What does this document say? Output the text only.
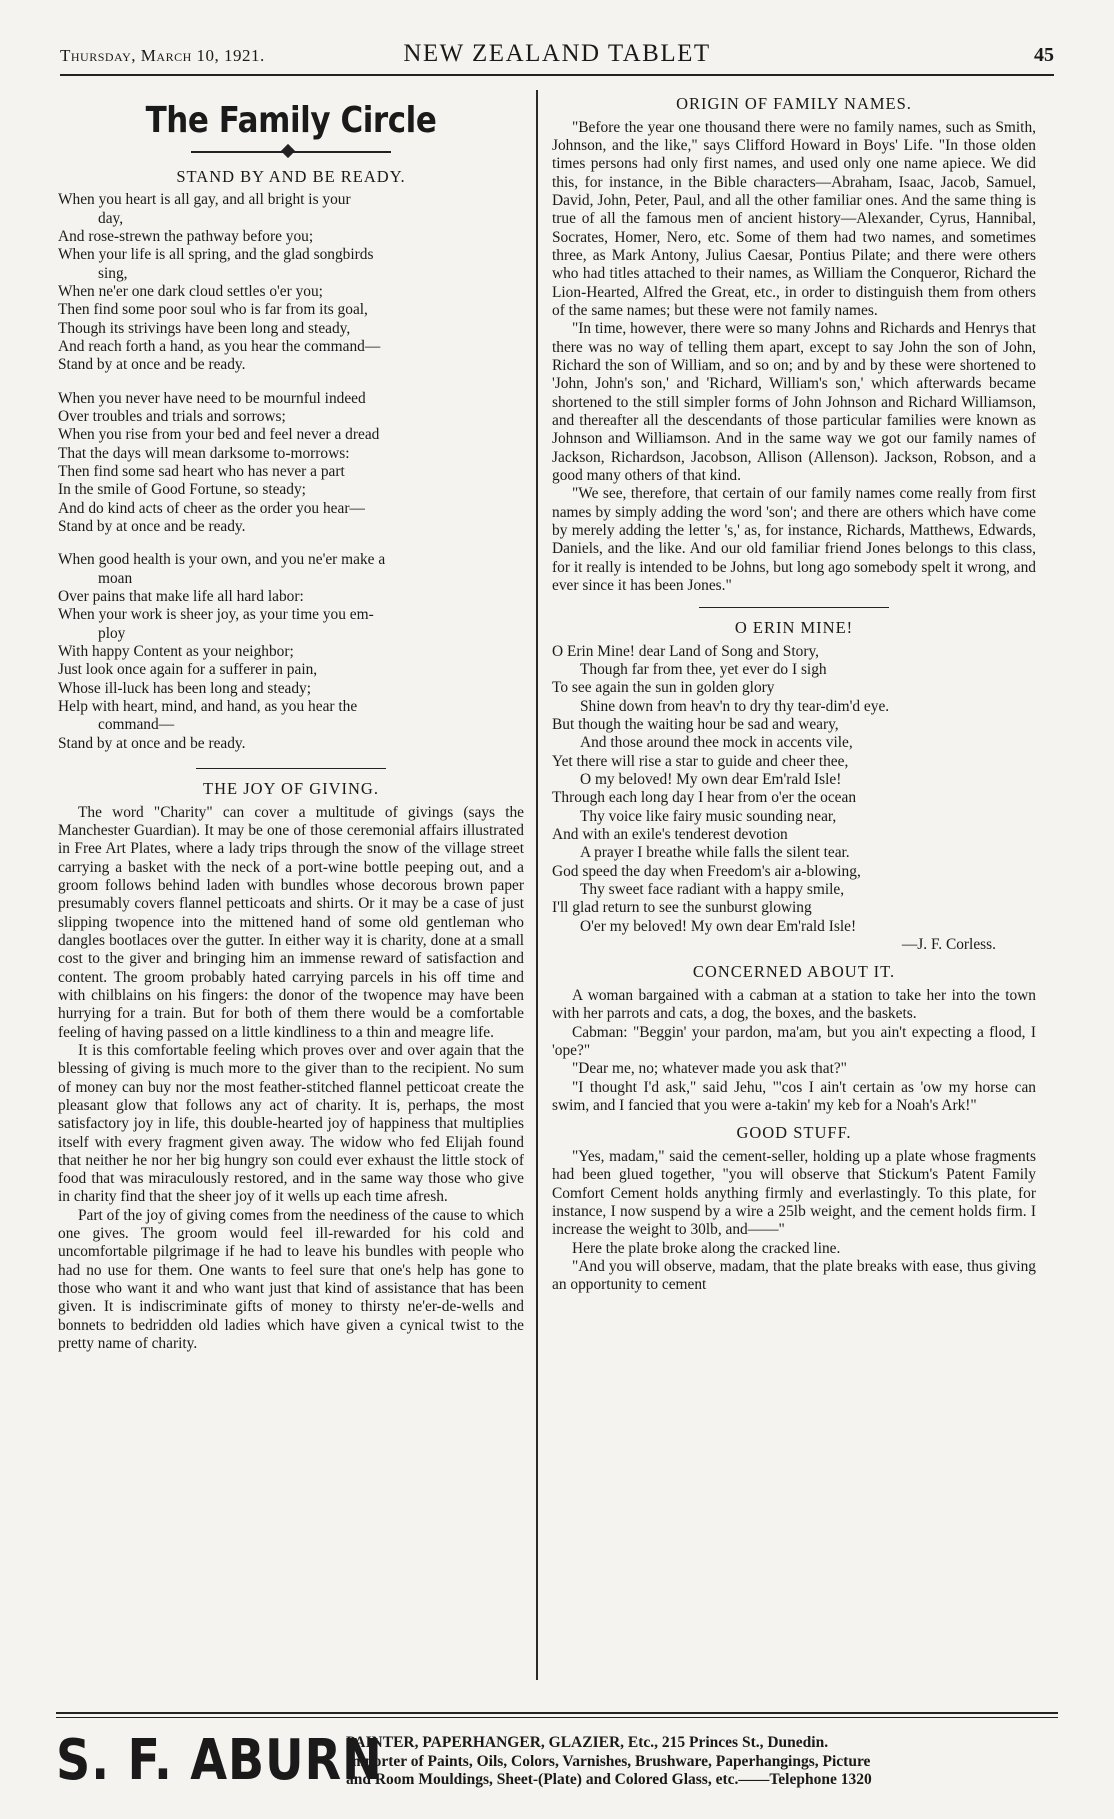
Thursday, March 10, 1921.	NEW ZEALAND TABLET	45
The Family Circle
STAND BY AND BE READY.

When you heart is all gay, and all bright is your

day,

And rose-strewn the pathway before you;

When your life is all spring, and the glad songbirds

sing,

When ne'er one dark cloud settles o'er you;

Then find some poor soul who is far from its goal,

Though its strivings have been long and steady,

And reach forth a hand, as you hear the command—

Stand by at once and be ready.

When you never have need to be mournful indeed

Over troubles and trials and sorrows;

When you rise from your bed and feel never a dread

That the days will mean darksome to-morrows:

Then find some sad heart who has never a part

In the smile of Good Fortune, so steady;

And do kind acts of cheer as the order you hear—

Stand by at once and be ready.

When good health is your own, and you ne'er make a

moan

Over pains that make life all hard labor:

When your work is sheer joy, as your time you em-

ploy

With happy Content as your neighbor;

Just look once again for a sufferer in pain,

Whose ill-luck has been long and steady;

Help with heart, mind, and hand, as you hear the

command—

Stand by at once and be ready.

THE JOY OF GIVING.

The word "Charity" can cover a multitude of givings (says the Manchester Guardian). It may be one of those ceremonial affairs illustrated in Free Art Plates, where a lady trips through the snow of the village street carrying a basket with the neck of a port-wine bottle peeping out, and a groom follows behind laden with bundles whose decorous brown paper presumably covers flannel petticoats and shirts. Or it may be a case of just slipping twopence into the mittened hand of some old gentleman who dangles bootlaces over the gutter. In either way it is charity, done at a small cost to the giver and bringing him an immense reward of satisfaction and content. The groom probably hated carrying parcels in his off time and with chilblains on his fingers: the donor of the twopence may have been hurrying for a train. But for both of them there would be a comfortable feeling of having passed on a little kindliness to a thin and meagre life.

It is this comfortable feeling which proves over and over again that the blessing of giving is much more to the giver than to the recipient. No sum of money can buy nor the most feather-stitched flannel petticoat create the pleasant glow that follows any act of charity. It is, perhaps, the most satisfactory joy in life, this double-hearted joy of happiness that multiplies itself with every fragment given away. The widow who fed Elijah found that neither he nor her big hungry son could ever exhaust the little stock of food that was miraculously restored, and in the same way those who give in charity find that the sheer joy of it wells up each time afresh.

Part of the joy of giving comes from the neediness of the cause to which one gives. The groom would feel ill-rewarded for his cold and uncomfortable pilgrimage if he had to leave his bundles with people who had no use for them. One wants to feel sure that one's help has gone to those who want it and who want just that kind of assistance that has been given. It is indiscriminate gifts of money to thirsty ne'er-de-wells and bonnets to bedridden old ladies which have given a cynical twist to the pretty name of charity.

ORIGIN OF FAMILY NAMES.

"Before the year one thousand there were no family names, such as Smith, Johnson, and the like," says Clifford Howard in Boys' Life. "In those olden times persons had only first names, and used only one name apiece. We did this, for instance, in the Bible characters—Abraham, Isaac, Jacob, Samuel, David, John, Peter, Paul, and all the other familiar ones. And the same thing is true of all the famous men of ancient history—Alexander, Cyrus, Hannibal, Socrates, Homer, Nero, etc. Some of them had two names, and sometimes three, as Mark Antony, Julius Caesar, Pontius Pilate; and there were others who had titles attached to their names, as William the Conqueror, Richard the Lion-Hearted, Alfred the Great, etc., in order to distinguish them from others of the same names; but these were not family names.

"In time, however, there were so many Johns and Richards and Henrys that there was no way of telling them apart, except to say John the son of John, Richard the son of William, and so on; and by and by these were shortened to 'John, John's son,' and 'Richard, William's son,' which afterwards became shortened to the still simpler forms of John Johnson and Richard Williamson, and thereafter all the descendants of those particular families were known as Johnson and Williamson. And in the same way we got our family names of Jackson, Richardson, Jacobson, Allison (Allenson). Jackson, Robson, and a good many others of that kind.

"We see, therefore, that certain of our family names come really from first names by simply adding the word 'son'; and there are others which have come by merely adding the letter 's,' as, for instance, Richards, Matthews, Edwards, Daniels, and the like. And our old familiar friend Jones belongs to this class, for it really is intended to be Johns, but long ago somebody spelt it wrong, and ever since it has been Jones."

O ERIN MINE!

O Erin Mine! dear Land of Song and Story,

Though far from thee, yet ever do I sigh

To see again the sun in golden glory

Shine down from heav'n to dry thy tear-dim'd eye.

But though the waiting hour be sad and weary,

And those around thee mock in accents vile,

Yet there will rise a star to guide and cheer thee,

O my beloved! My own dear Em'rald Isle!

Through each long day I hear from o'er the ocean

Thy voice like fairy music sounding near,

And with an exile's tenderest devotion

A prayer I breathe while falls the silent tear.

God speed the day when Freedom's air a-blowing,

Thy sweet face radiant with a happy smile,

I'll glad return to see the sunburst glowing

O'er my beloved! My own dear Em'rald Isle!

—J. F. Corless.

CONCERNED ABOUT IT.

A woman bargained with a cabman at a station to take her into the town with her parrots and cats, a dog, the boxes, and the baskets.

Cabman: "Beggin' your pardon, ma'am, but you ain't expecting a flood, I 'ope?"

"Dear me, no; whatever made you ask that?"

"I thought I'd ask," said Jehu, "'cos I ain't certain as 'ow my horse can swim, and I fancied that you were a-takin' my keb for a Noah's Ark!"

GOOD STUFF.

"Yes, madam," said the cement-seller, holding up a plate whose fragments had been glued together, "you will observe that Stickum's Patent Family Comfort Cement holds anything firmly and everlastingly. To this plate, for instance, I now suspend by a wire a 25lb weight, and the cement holds firm. I increase the weight to 30lb, and——"

Here the plate broke along the cracked line.

"And you will observe, madam, that the plate breaks with ease, thus giving an opportunity to cement

S. F. ABURN

PAINTER, PAPERHANGER, GLAZIER, Etc., 215 Princes St., Dunedin.

Importer of Paints, Oils, Colors, Varnishes, Brushware, Paperhangings, Picture

and Room Mouldings, Sheet-(Plate) and Colored Glass, etc.——Telephone 1320
